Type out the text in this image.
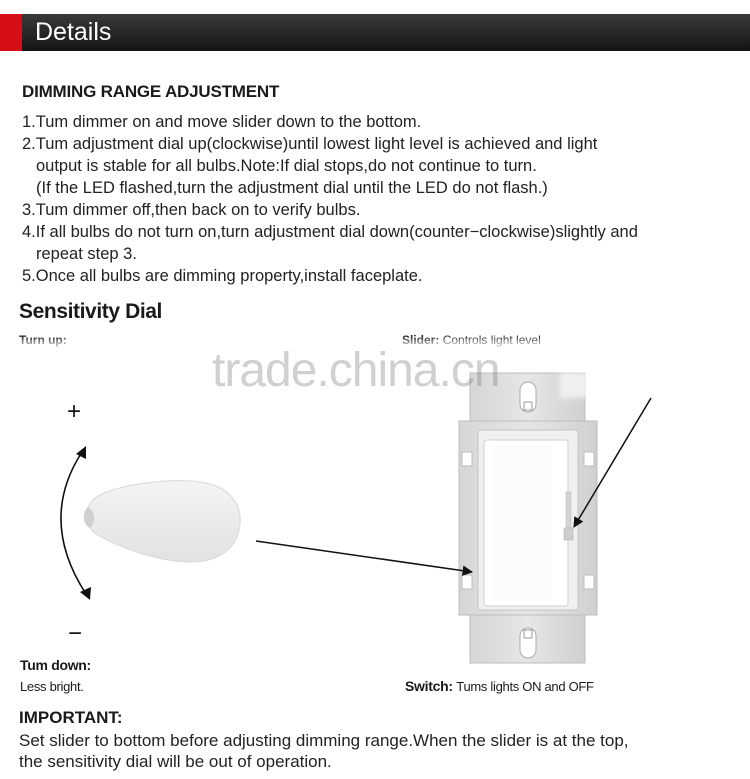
Details
DIMMING RANGE ADJUSTMENT
1.Tum dimmer on and move slider down to the bottom.
2.Tum adjustment dial up(clockwise)until lowest light level is achieved and light
output is stable for all bulbs.Note:If dial stops,do not continue to turn.
(If the LED flashed,turn the adjustment dial until the LED do not flash.)
3.Tum dimmer off,then back on to verify bulbs.
4.If all bulbs do not turn on,turn adjustment dial down(counter−clockwise)slightly and
repeat step 3.
5.Once all bulbs are dimming property,install faceplate.
Sensitivity Dial
trade.china.cn
+
−
Tum down:
Less bright.	Switch: Tums lights ON and OFF
IMPORTANT:
Set slider to bottom before adjusting dimming range.When the slider is at the top,
the sensitivity dial will be out of operation.
